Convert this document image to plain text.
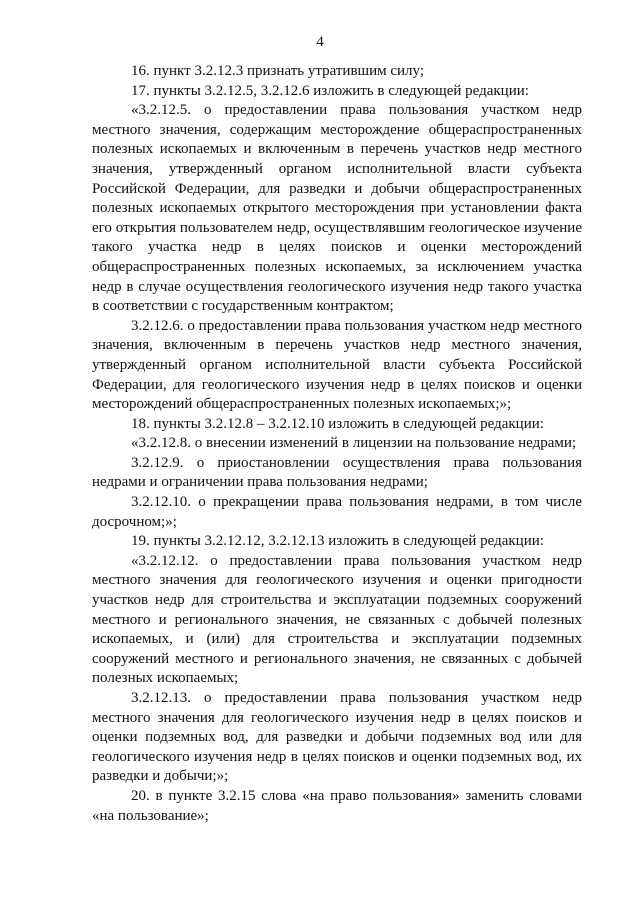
4

16. пункт 3.2.12.3 признать утратившим силу;

17. пункты 3.2.12.5, 3.2.12.6 изложить в следующей редакции:

«3.2.12.5. о предоставлении права пользования участком недр местного значения, содержащим месторождение общераспространенных полезных ископаемых и включенным в перечень участков недр местного значения, утвержденный органом исполнительной власти субъекта Российской Федерации, для разведки и добычи общераспространенных полезных ископаемых открытого месторождения при установлении факта его открытия пользователем недр, осуществлявшим геологическое изучение такого участка недр в целях поисков и оценки месторождений общераспространенных полезных ископаемых, за исключением участка недр в случае осуществления геологического изучения недр такого участка в соответствии с государственным контрактом;

3.2.12.6. о предоставлении права пользования участком недр местного значения, включенным в перечень участков недр местного значения, утвержденный органом исполнительной власти субъекта Российской Федерации, для геологического изучения недр в целях поисков и оценки месторождений общераспространенных полезных ископаемых;»;

18. пункты 3.2.12.8 – 3.2.12.10 изложить в следующей редакции:

«3.2.12.8. о внесении изменений в лицензии на пользование недрами;

3.2.12.9. о приостановлении осуществления права пользования недрами и ограничении права пользования недрами;

3.2.12.10. о прекращении права пользования недрами, в том числе досрочном;»;

19. пункты 3.2.12.12, 3.2.12.13 изложить в следующей редакции:

«3.2.12.12. о предоставлении права пользования участком недр местного значения для геологического изучения и оценки пригодности участков недр для строительства и эксплуатации подземных сооружений местного и регионального значения, не связанных с добычей полезных ископаемых, и (или) для строительства и эксплуатации подземных сооружений местного и регионального значения, не связанных с добычей полезных ископаемых;

3.2.12.13. о предоставлении права пользования участком недр местного значения для геологического изучения недр в целях поисков и оценки подземных вод, для разведки и добычи подземных вод или для геологического изучения недр в целях поисков и оценки подземных вод, их разведки и добычи;»;

20. в пункте 3.2.15 слова «на право пользования» заменить словами «на пользование»;
